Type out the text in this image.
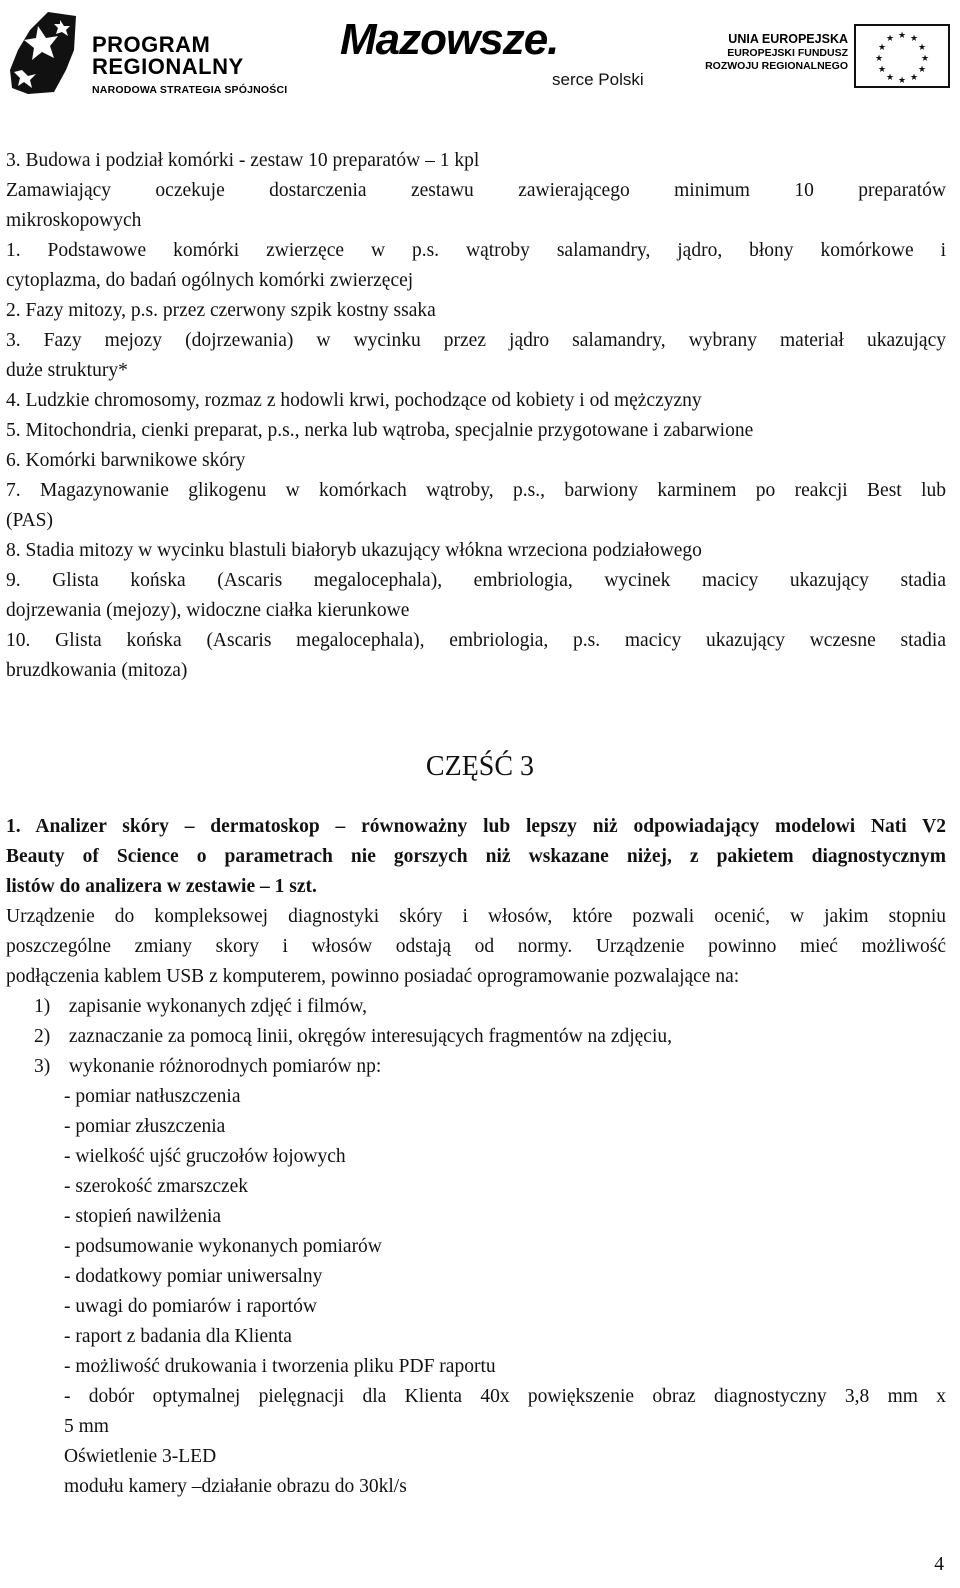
PROGRAM
REGIONALNY
NARODOWA STRATEGIA SPÓJNOŚCI
Mazowsze.
serce Polski
UNIA EUROPEJSKA
EUROPEJSKI FUNDUSZ
ROZWOJU REGIONALNEGO
★ ★
★
★
★
★
★
★
★
★
★
★
3. Budowa i podział komórki - zestaw 10 preparatów – 1 kpl
Zamawiający oczekuje dostarczenia zestawu zawierającego minimum 10 preparatów
mikroskopowych
1. Podstawowe komórki zwierzęce w p.s. wątroby salamandry, jądro, błony komórkowe i
cytoplazma, do badań ogólnych komórki zwierzęcej
2. Fazy mitozy, p.s. przez czerwony szpik kostny ssaka
3. Fazy mejozy (dojrzewania) w wycinku przez jądro salamandry, wybrany materiał ukazujący
duże struktury*
4. Ludzkie chromosomy, rozmaz z hodowli krwi, pochodzące od kobiety i od mężczyzny
5. Mitochondria, cienki preparat, p.s., nerka lub wątroba, specjalnie przygotowane i zabarwione
6. Komórki barwnikowe skóry
7. Magazynowanie glikogenu w komórkach wątroby, p.s., barwiony karminem po reakcji Best lub
(PAS)
8. Stadia mitozy w wycinku blastuli białoryb ukazujący włókna wrzeciona podziałowego
9. Glista końska (Ascaris megalocephala), embriologia, wycinek macicy ukazujący stadia
dojrzewania (mejozy), widoczne ciałka kierunkowe
10. Glista końska (Ascaris megalocephala), embriologia, p.s. macicy ukazujący wczesne stadia
bruzdkowania (mitoza)
CZĘŚĆ 3
1. Analizer skóry – dermatoskop – równoważny lub lepszy niż odpowiadający modelowi Nati V2
Beauty of Science o parametrach nie gorszych niż wskazane niżej, z pakietem diagnostycznym
listów do analizera w zestawie – 1 szt.
Urządzenie do kompleksowej diagnostyki skóry i włosów, które pozwali ocenić, w jakim stopniu
poszczególne zmiany skory i włosów odstają od normy. Urządzenie powinno mieć możliwość
podłączenia kablem USB z komputerem, powinno posiadać oprogramowanie pozwalające na:
1) zapisanie wykonanych zdjęć i filmów,
2) zaznaczanie za pomocą linii, okręgów interesujących fragmentów na zdjęciu,
3) wykonanie różnorodnych pomiarów np:
- pomiar natłuszczenia
- pomiar złuszczenia
- wielkość ujść gruczołów łojowych
- szerokość zmarszczek
- stopień nawilżenia
- podsumowanie wykonanych pomiarów
- dodatkowy pomiar uniwersalny
- uwagi do pomiarów i raportów
- raport z badania dla Klienta
- możliwość drukowania i tworzenia pliku PDF raportu
- dobór optymalnej pielęgnacji dla Klienta 40x powiększenie obraz diagnostyczny 3,8 mm x
5 mm
Oświetlenie 3-LED
modułu kamery –działanie obrazu do 30kl/s
4
